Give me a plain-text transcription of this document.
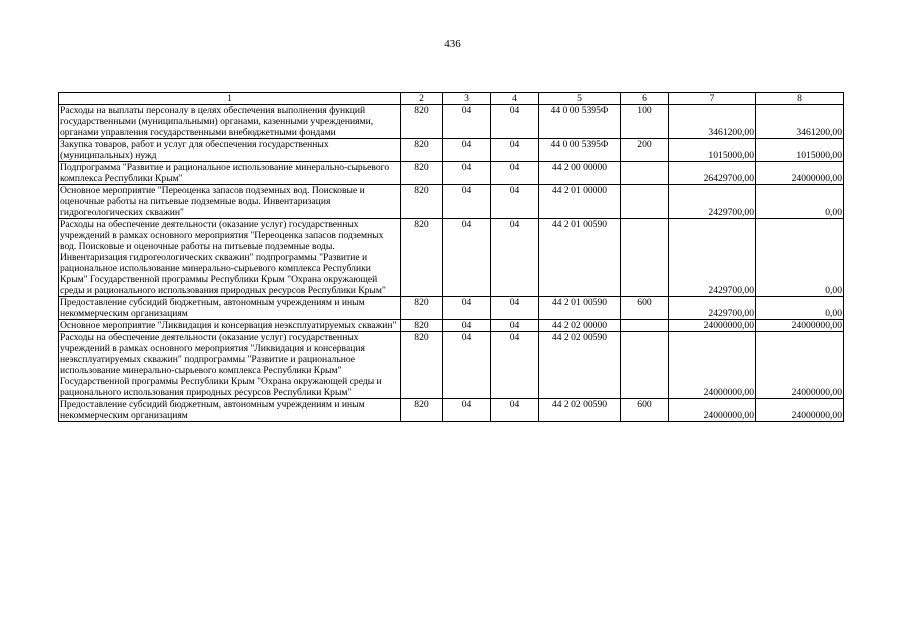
436
1	2	3	4	5	6	7	8
Расходы на выплаты персоналу в целях обеспечения выполнения функций государственными (муниципальными) органами, казенными учреждениями, органами управления государственными внебюджетными фондами	820	04	04	44 0 00 5395Ф	100	3461200,00	3461200,00
Закупка товаров, работ и услуг для обеспечения государственных (муниципальных) нужд	820	04	04	44 0 00 5395Ф	200	1015000,00	1015000,00
Подпрограмма "Развитие и рациональное использование минерально-сырьевого комплекса Республики Крым"	820	04	04	44 2 00 00000		26429700,00	24000000,00
Основное мероприятие "Переоценка запасов подземных вод. Поисковые и оценочные работы на питьевые подземные воды. Инвентаризация гидрогеологических скважин"	820	04	04	44 2 01 00000		2429700,00	0,00
Расходы на обеспечение деятельности (оказание услуг) государственных учреждений в рамках основного мероприятия "Переоценка запасов подземных вод. Поисковые и оценочные работы на питьевые подземные воды. Инвентаризация гидрогеологических скважин" подпрограммы "Развитие и рациональное использование минерально-сырьевого комплекса Республики Крым" Государственной программы Республики Крым "Охрана окружающей среды и рационального использования природных ресурсов Республики Крым"	820	04	04	44 2 01 00590		2429700,00	0,00
Предоставление субсидий бюджетным, автономным учреждениям и иным некоммерческим организациям	820	04	04	44 2 01 00590	600	2429700,00	0,00
Основное мероприятие "Ликвидация и консервация неэксплуатируемых скважин"	820	04	04	44 2 02 00000		24000000,00	24000000,00
Расходы на обеспечение деятельности (оказание услуг) государственных учреждений в рамках основного мероприятия "Ликвидация и консервация неэксплуатируемых скважин" подпрограммы "Развитие и рациональное использование минерально-сырьевого комплекса Республики Крым" Государственной программы Республики Крым "Охрана окружающей среды и рационального использования природных ресурсов Республики Крым"	820	04	04	44 2 02 00590		24000000,00	24000000,00
Предоставление субсидий бюджетным, автономным учреждениям и иным некоммерческим организациям	820	04	04	44 2 02 00590	600	24000000,00	24000000,00
